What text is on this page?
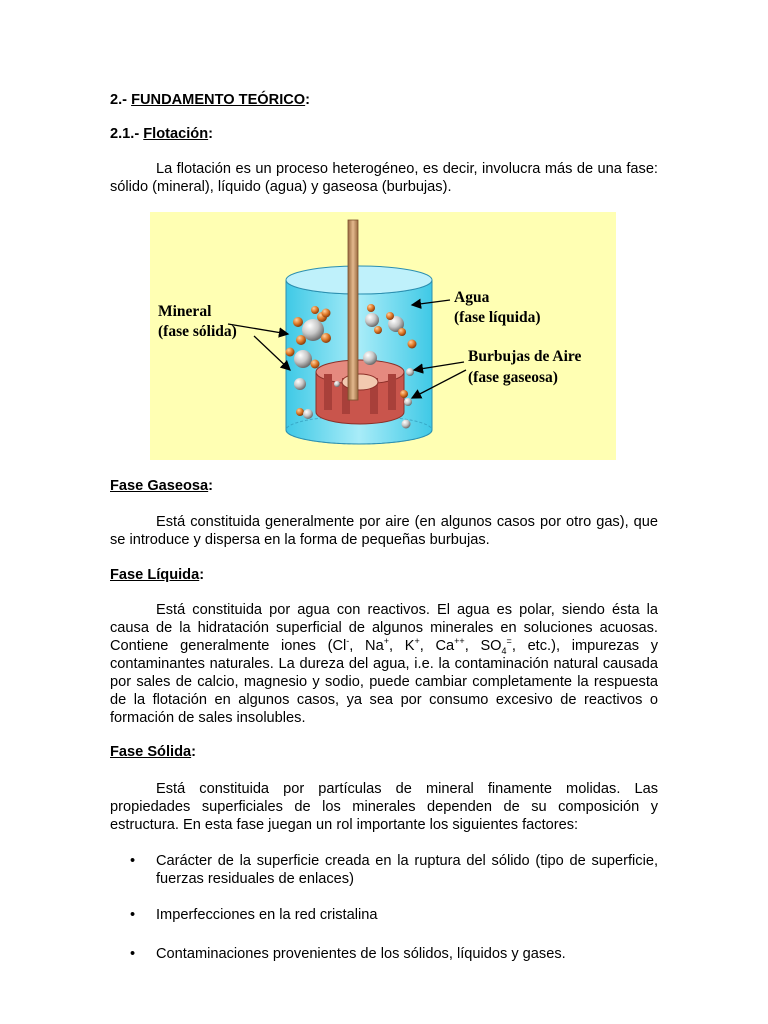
2.- FUNDAMENTO TEÓRICO:
2.1.- Flotación:
La flotación es un proceso heterogéneo, es decir, involucra más de una fase: sólido (mineral), líquido (agua) y gaseosa (burbujas).
Mineral
(fase sólida)
Agua
(fase líquida)
Burbujas de Aire
(fase gaseosa)
Fase Gaseosa:
Está constituida generalmente por aire (en algunos casos por otro gas), que se introduce y dispersa en la forma de pequeñas burbujas.
Fase Líquida:
Está constituida por agua con reactivos. El agua es polar, siendo ésta la causa de la hidratación superficial de algunos minerales en soluciones acuosas. Contiene generalmente iones (Cl-, Na+, K+, Ca++, $SO_4^=$, etc.), impurezas y contaminantes naturales. La dureza del agua, i.e. la contaminación natural causada por sales de calcio, magnesio y sodio, puede cambiar completamente la respuesta de la flotación en algunos casos, ya sea por consumo excesivo de reactivos o formación de sales insolubles.
Fase Sólida:
Está constituida por partículas de mineral finamente molidas. Las propiedades superficiales de los minerales dependen de su composición y estructura. En esta fase juegan un rol importante los siguientes factores:
• Carácter de la superficie creada en la ruptura del sólido (tipo de superficie, fuerzas residuales de enlaces)
• Imperfecciones en la red cristalina
• Contaminaciones provenientes de los sólidos, líquidos y gases.
